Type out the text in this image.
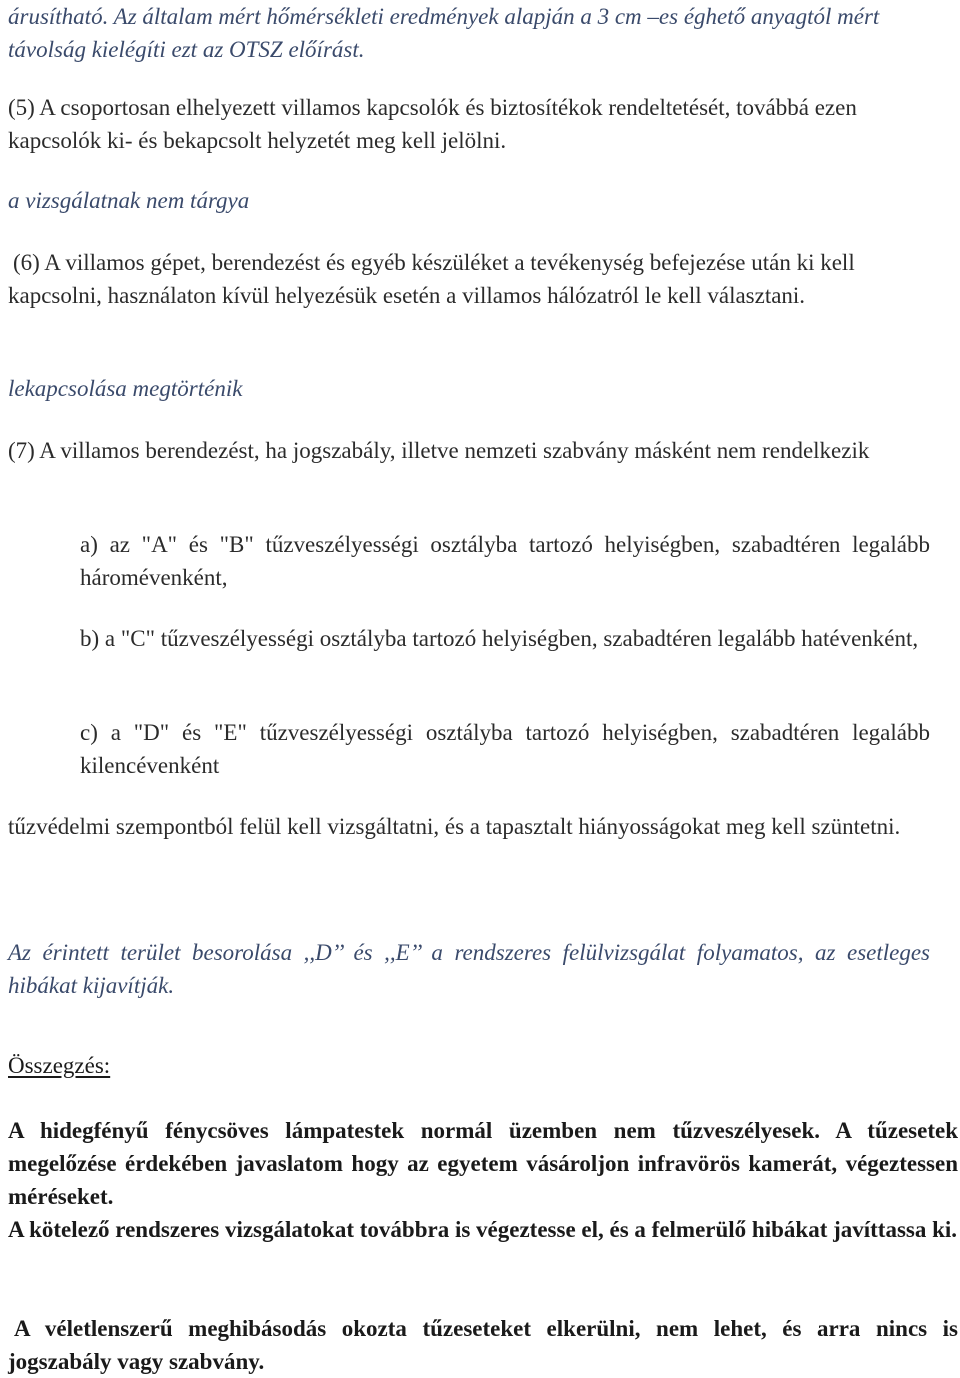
árusítható. Az általam mért hőmérsékleti eredmények alapján a 3 cm –es éghető anyagtól mért távolság kielégíti ezt az OTSZ előírást.

(5) A csoportosan elhelyezett villamos kapcsolók és biztosítékok rendeltetését, továbbá ezen kapcsolók ki- és bekapcsolt helyzetét meg kell jelölni.

a vizsgálatnak nem tárgya

(6) A villamos gépet, berendezést és egyéb készüléket a tevékenység befejezése után ki kell kapcsolni, használaton kívül helyezésük esetén a villamos hálózatról le kell választani.

lekapcsolása megtörténik

(7) A villamos berendezést, ha jogszabály, illetve nemzeti szabvány másként nem rendelkezik

a) az "A" és "B" tűzveszélyességi osztályba tartozó helyiségben, szabadtéren legalább háromévenként,

b) a "C" tűzveszélyességi osztályba tartozó helyiségben, szabadtéren legalább hatévenként,

c) a "D" és "E" tűzveszélyességi osztályba tartozó helyiségben, szabadtéren legalább kilencévenként

tűzvédelmi szempontból felül kell vizsgáltatni, és a tapasztalt hiányosságokat meg kell szüntetni.

Az érintett terület besorolása ,,D’’ és ,,E’’ a rendszeres felülvizsgálat folyamatos, az esetleges hibákat kijavítják.

Összegzés:

A hidegfényű fénycsöves lámpatestek normál üzemben nem tűzveszélyesek. A tűzesetek megelőzése érdekében javaslatom hogy az egyetem vásároljon infravörös kamerát, végeztessen méréseket.

A kötelező rendszeres vizsgálatokat továbbra is végeztesse el, és a felmerülő hibákat javíttassa ki.

A véletlenszerű meghibásodás okozta tűzeseteket elkerülni, nem lehet, és arra nincs is jogszabály vagy szabvány.
